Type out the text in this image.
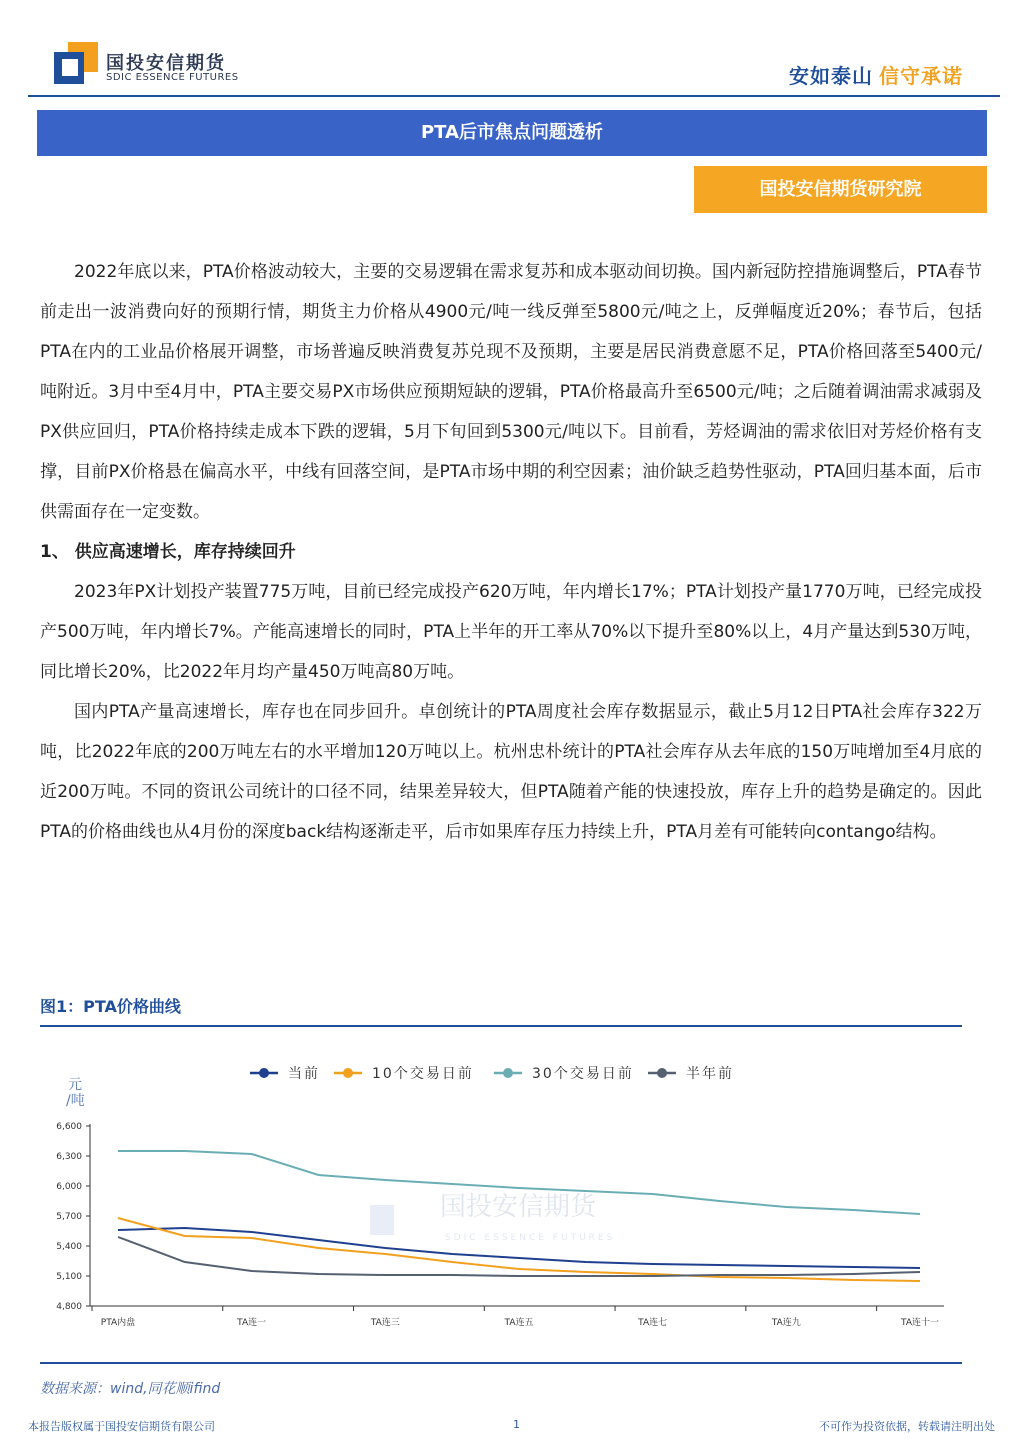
国投安信期货
SDIC ESSENCE FUTURES	安如泰山 信守承诺
PTA后市焦点问题透析
国投安信期货研究院

2022年底以来，PTA价格波动较大，主要的交易逻辑在需求复苏和成本驱动间切换。国内新冠防控措施调整后，PTA春节前走出一波消费向好的预期行情，期货主力价格从4900元/吨一线反弹至5800元/吨之上，反弹幅度近20%；春节后，包括PTA在内的工业品价格展开调整，市场普遍反映消费复苏兑现不及预期，主要是居民消费意愿不足，PTA价格回落至5400元/吨附近。3月中至4月中，PTA主要交易PX市场供应预期短缺的逻辑，PTA价格最高升至6500元/吨；之后随着调油需求减弱及PX供应回归，PTA价格持续走成本下跌的逻辑，5月下旬回到5300元/吨以下。目前看，芳烃调油的需求依旧对芳烃价格有支撑，目前PX价格悬在偏高水平，中线有回落空间，是PTA市场中期的利空因素；油价缺乏趋势性驱动，PTA回归基本面，后市供需面存在一定变数。

1、 供应高速增长，库存持续回升

2023年PX计划投产装置775万吨，目前已经完成投产620万吨，年内增长17%；PTA计划投产量1770万吨，已经完成投产500万吨，年内增长7%。产能高速增长的同时，PTA上半年的开工率从70%以下提升至80%以上，4月产量达到530万吨，同比增长20%，比2022年月均产量450万吨高80万吨。

国内PTA产量高速增长，库存也在同步回升。卓创统计的PTA周度社会库存数据显示，截止5月12日PTA社会库存322万吨，比2022年底的200万吨左右的水平增加120万吨以上。杭州忠朴统计的PTA社会库存从去年底的150万吨增加至4月底的近200万吨。不同的资讯公司统计的口径不同，结果差异较大，但PTA随着产能的快速投放，库存上升的趋势是确定的。因此PTA的价格曲线也从4月份的深度back结构逐渐走平，后市如果库存压力持续上升，PTA月差有可能转向contango结构。

图1：PTA价格曲线
国投安信期货
SDIC ESSENCE FUTURES
当前	10个交易日前	30个交易日前	半年前
元
/吨
4,800
5,100
5,400
5,700
6,000
6,300
6,600
PTA内盘	TA连一	TA连三	TA连五	TA连七	TA连九	TA连十一
数据来源：wind,同花顺ifind
本报告版权属于国投安信期货有限公司	1	不可作为投资依据，转载请注明出处
